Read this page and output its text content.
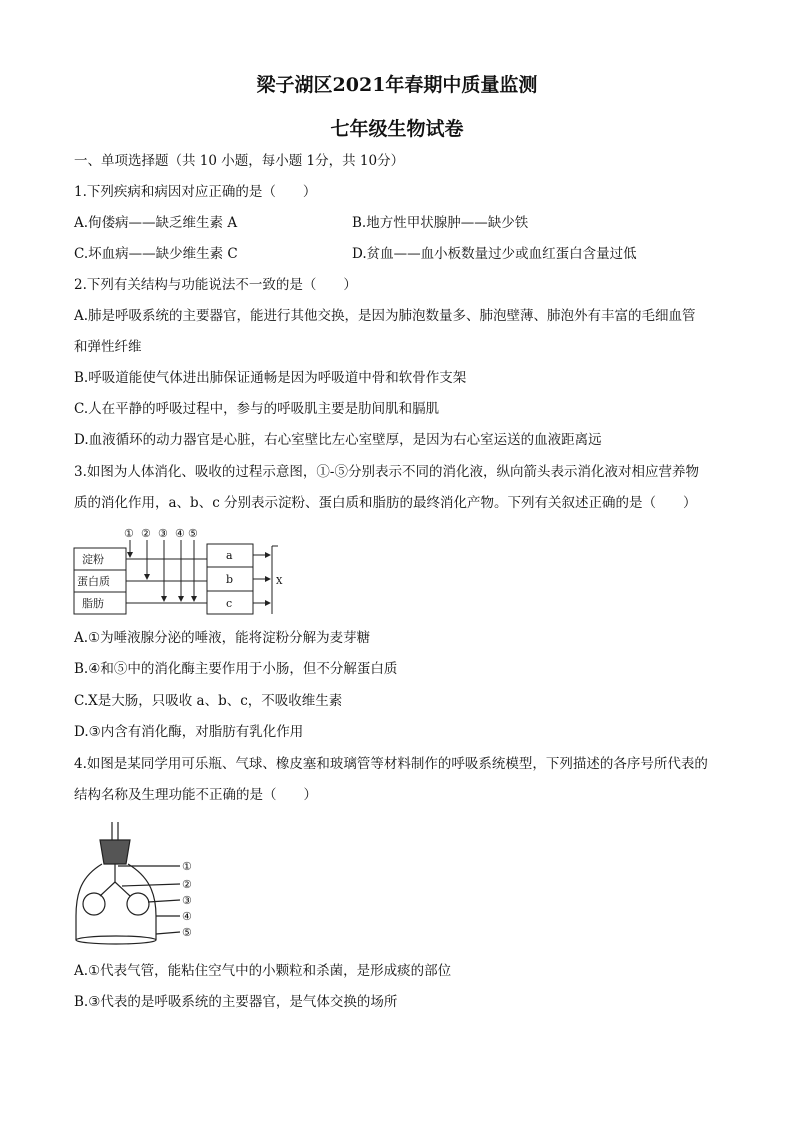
梁子湖区2021年春期中质量监测
七年级生物试卷
一、单项选择题（共 10 小题，每小题 1分，共 10分）
1.下列疾病和病因对应正确的是（　　）
A.佝偻病——缺乏维生素 A	B.地方性甲状腺肿——缺少铁
C.坏血病——缺少维生素 C	D.贫血——血小板数量过少或血红蛋白含量过低
2.下列有关结构与功能说法不一致的是（　　）
A.肺是呼吸系统的主要器官，能进行其他交换，是因为肺泡数量多、肺泡壁薄、肺泡外有丰富的毛细血管
和弹性纤维
B.呼吸道能使气体进出肺保证通畅是因为呼吸道中骨和软骨作支架
C.人在平静的呼吸过程中，参与的呼吸肌主要是肋间肌和膈肌
D.血液循环的动力器官是心脏，右心室壁比左心室壁厚，是因为右心室运送的血液距离远
3.如图为人体消化、吸收的过程示意图，①-⑤分别表示不同的消化液，纵向箭头表示消化液对相应营养物
质的消化作用，a、b、c 分别表示淀粉、蛋白质和脂肪的最终消化产物。下列有关叙述正确的是（　　）
淀粉
蛋白质
脂肪
① ② ③ ④ ⑤
a
b
c
X
A.①为唾液腺分泌的唾液，能将淀粉分解为麦芽糖
B.④和⑤中的消化酶主要作用于小肠，但不分解蛋白质
C.X是大肠，只吸收 a、b、c，不吸收维生素
D.③内含有消化酶，对脂肪有乳化作用
4.如图是某同学用可乐瓶、气球、橡皮塞和玻璃管等材料制作的呼吸系统模型，下列描述的各序号所代表的
结构名称及生理功能不正确的是（　　）
①
②
③
④
⑤
A.①代表气管，能粘住空气中的小颗粒和杀菌，是形成痰的部位
B.③代表的是呼吸系统的主要器官，是气体交换的场所
